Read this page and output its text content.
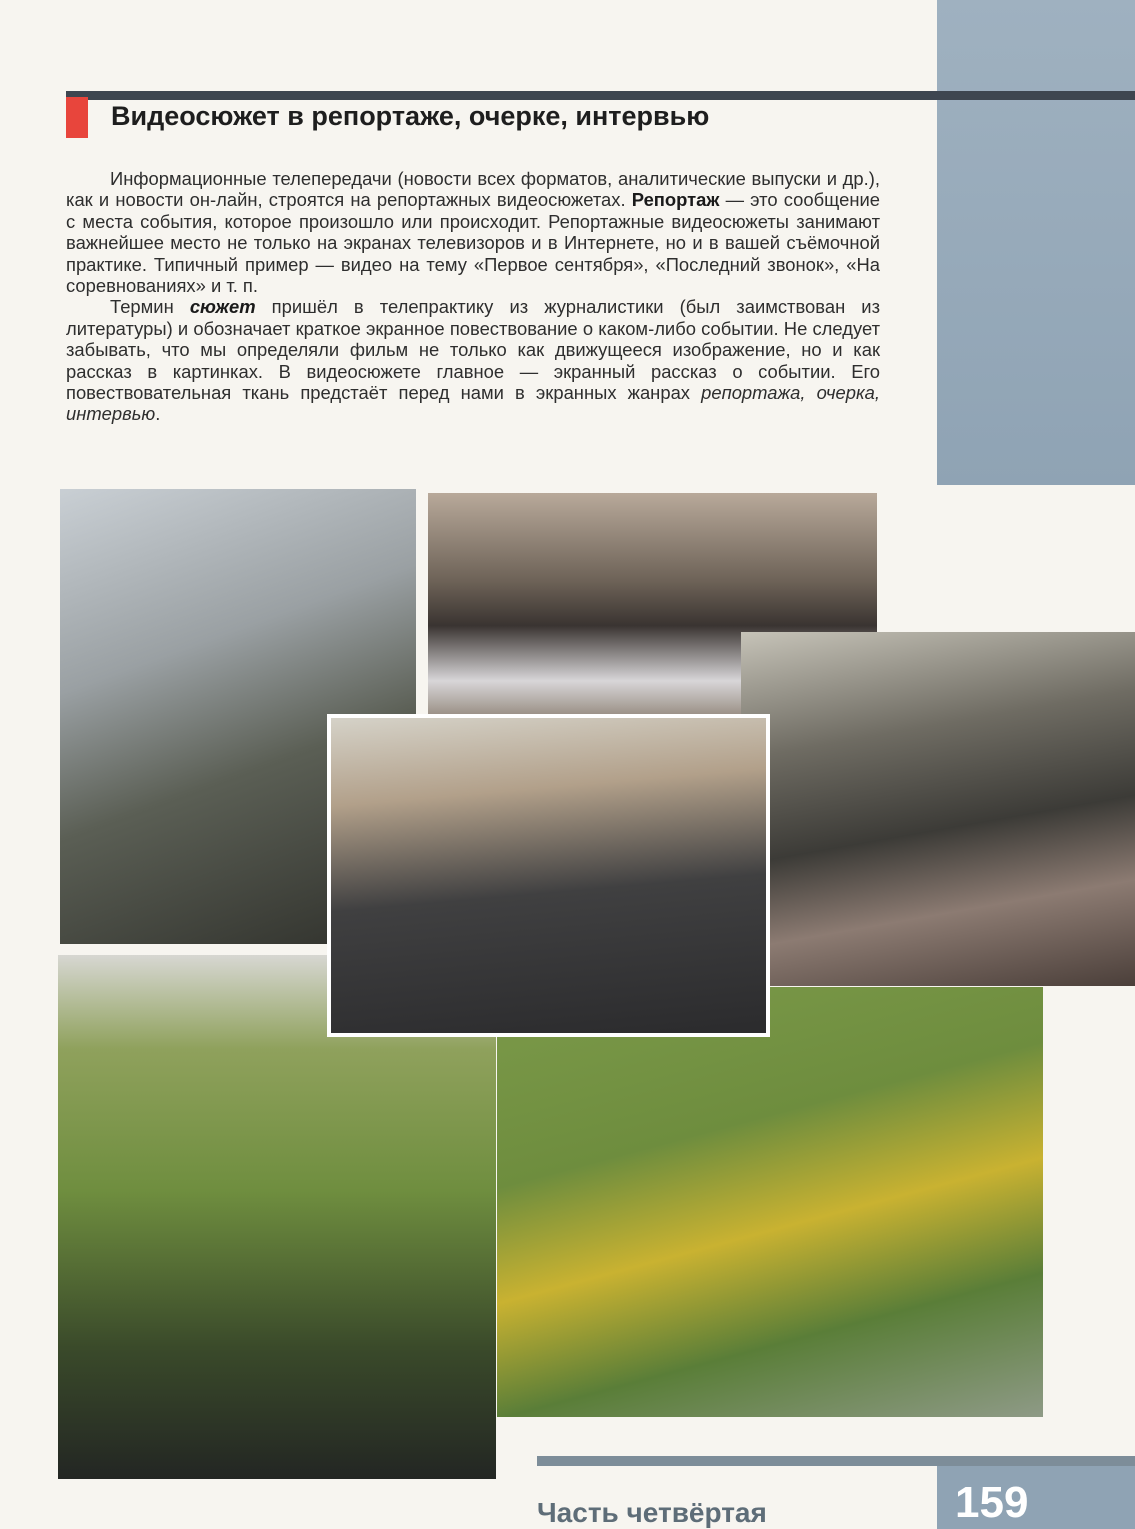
Видеосюжет в репортаже, очерке, интервью

Информационные телепередачи (новости всех форматов, аналитические выпуски и др.), как и новости он-лайн, строятся на репортажных видеосюжетах. Репортаж — это сообщение с места события, которое произошло или происходит. Репортажные видеосюжеты занимают важнейшее место не только на экранах телевизоров и в Интернете, но и в вашей съёмочной практике. Типичный пример — видео на тему «Первое сентября», «Последний звонок», «На соревнованиях» и т. п.

Термин сюжет пришёл в телепрактику из журналистики (был заимствован из литературы) и обозначает краткое экранное повествование о каком-либо событии. Не следует забывать, что мы определяли фильм не только как движущееся изображение, но и как рассказ в картинках. В видеосюжете главное — экранный рассказ о событии. Его повествовательная ткань предстаёт перед нами в экранных жанрах репортажа, очерка, интервью.

Часть четвёртая	159
